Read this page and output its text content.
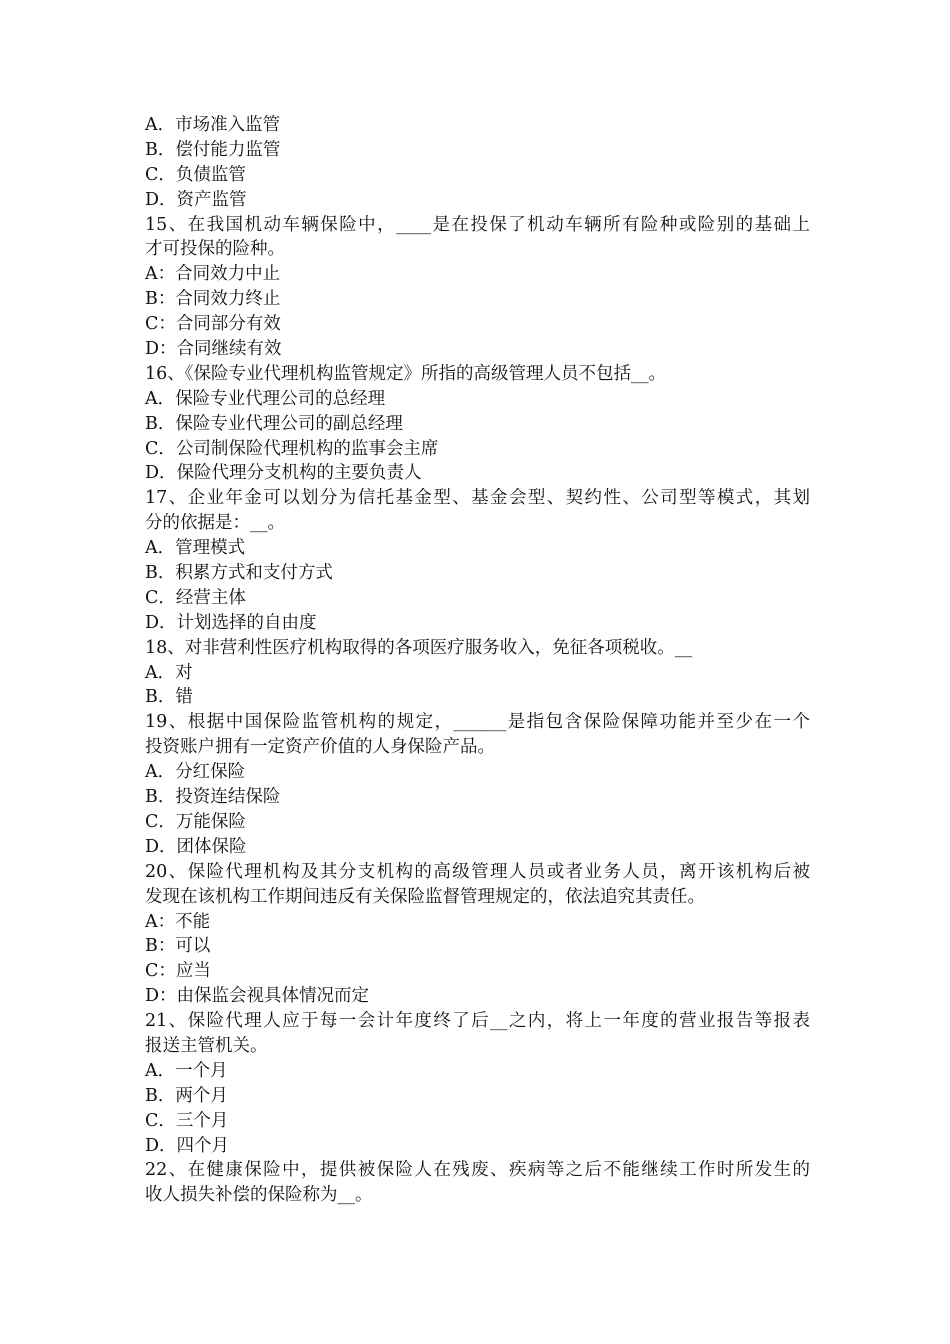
A．市场准入监管
B．偿付能力监管
C．负债监管
D．资产监管
15、在我国机动车辆保险中，____是在投保了机动车辆所有险种或险别的基础上
才可投保的险种。
A：合同效力中止
B：合同效力终止
C：合同部分有效
D：合同继续有效
16、《保险专业代理机构监管规定》所指的高级管理人员不包括__。
A．保险专业代理公司的总经理
B．保险专业代理公司的副总经理
C．公司制保险代理机构的监事会主席
D．保险代理分支机构的主要负责人
17、企业年金可以划分为信托基金型、基金会型、契约性、公司型等模式，其划
分的依据是：__。
A．管理模式
B．积累方式和支付方式
C．经营主体
D．计划选择的自由度
18、对非营利性医疗机构取得的各项医疗服务收入，免征各项税收。__
A．对
B．错
19、根据中国保险监管机构的规定，______是指包含保险保障功能并至少在一个
投资账户拥有一定资产价值的人身保险产品。
A．分红保险
B．投资连结保险
C．万能保险
D．团体保险
20、保险代理机构及其分支机构的高级管理人员或者业务人员，离开该机构后被
发现在该机构工作期间违反有关保险监督管理规定的，依法追究其责任。
A：不能
B：可以
C：应当
D：由保监会视具体情况而定
21、保险代理人应于每一会计年度终了后__之内，将上一年度的营业报告等报表
报送主管机关。
A．一个月
B．两个月
C．三个月
D．四个月
22、在健康保险中，提供被保险人在残废、疾病等之后不能继续工作时所发生的
收人损失补偿的保险称为__。
